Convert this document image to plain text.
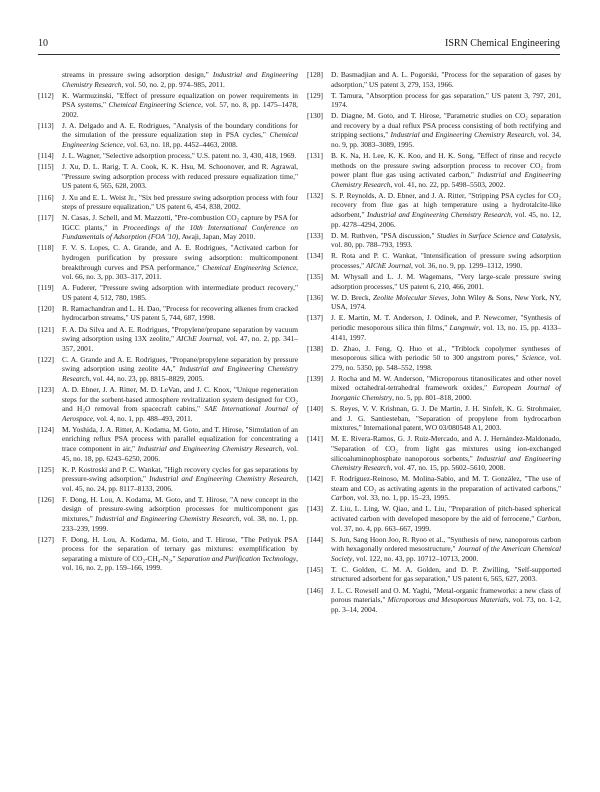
10	ISRN Chemical Engineering
streams in pressure swing adsorption design," Industrial and Engineering Chemistry Research, vol. 50, no. 2, pp. 974–985, 2011.
[112] K. Warmuzinski, "Effect of pressure equalization on power requirements in PSA systems," Chemical Engineering Science, vol. 57, no. 8, pp. 1475–1478, 2002.
[113] J. A. Delgado and A. E. Rodrigues, "Analysis of the boundary conditions for the simulation of the pressure equalization step in PSA cycles," Chemical Engineering Science, vol. 63, no. 18, pp. 4452–4463, 2008.
[114] J. L. Wagner, "Selective adsorption process," U.S. patent no. 3, 430, 418, 1969.
[115] J. Xu, D. L. Rarig, T. A. Cook, K. K. Hsu, M. Schoonover, and R. Agrawal, "Pressure swing adsorption process with reduced pressure equalization time," US patent 6, 565, 628, 2003.
[116] J. Xu and E. L. Weist Jr., "Six bed pressure swing adsorption process with four steps of pressure equalization," US patent 6, 454, 838, 2002.
[117] N. Casas, J. Schell, and M. Mazzotti, "Pre-combustion CO₂ capture by PSA for IGCC plants," in Proceedings of the 10th International Conference on Fundamentals of Adsorption (FOA '10), Awaji, Japan, May 2010.
[118] F. V. S. Lopes, C. A. Grande, and A. E. Rodrigues, "Activated carbon for hydrogen purification by pressure swing adsorption: multicomponent breakthrough curves and PSA performance," Chemical Engineering Science, vol. 66, no. 3, pp. 303–317, 2011.
[119] A. Fuderer, "Pressure swing adsorption with intermediate product recovery," US patent 4, 512, 780, 1985.
[120] R. Ramachandran and L. H. Dao, "Process for recovering alkenes from cracked hydrocarbon streams," US patent 5, 744, 687, 1998.
[121] F. A. Da Silva and A. E. Rodrigues, "Propylene/propane separation by vacuum swing adsorption using 13X zeolite," AIChE Journal, vol. 47, no. 2, pp. 341–357, 2001.
[122] C. A. Grande and A. E. Rodrigues, "Propane/propylene separation by pressure swing adsorption using zeolite 4A," Industrial and Engineering Chemistry Research, vol. 44, no. 23, pp. 8815–8829, 2005.
[123] A. D. Ebner, J. A. Ritter, M. D. LeVan, and J. C. Knox, "Unique regeneration steps for the sorbent-based atmosphere revitalization system designed for CO₂ and H₂O removal from spacecraft cabins," SAE International Journal of Aerospace, vol. 4, no. 1, pp. 488–493, 2011.
[124] M. Yoshida, J. A. Ritter, A. Kodama, M. Goto, and T. Hirose, "Simulation of an enriching reflux PSA process with parallel equalization for concentrating a trace component in air," Industrial and Engineering Chemistry Research, vol. 45, no. 18, pp. 6243–6250, 2006.
[125] K. P. Kostroski and P. C. Wankat, "High recovery cycles for gas separations by pressure-swing adsorption," Industrial and Engineering Chemistry Research, vol. 45, no. 24, pp. 8117–8133, 2006.
[126] F. Dong, H. Lou, A. Kodama, M. Goto, and T. Hirose, "A new concept in the design of pressure-swing adsorption processes for multicomponent gas mixtures," Industrial and Engineering Chemistry Research, vol. 38, no. 1, pp. 233–239, 1999.
[127] F. Dong, H. Lou, A. Kodama, M. Goto, and T. Hirose, "The Petlyuk PSA process for the separation of ternary gas mixtures: exemplification by separating a mixture of CO₂-CH₄-N₂," Separation and Purification Technology, vol. 16, no. 2, pp. 159–166, 1999.
[128] D. Basmadjian and A. L. Pogorski, "Process for the separation of gases by adsorption," US patent 3, 279, 153, 1966.
[129] T. Tamura, "Absorption process for gas separation," US patent 3, 797, 201, 1974.
[130] D. Diagne, M. Goto, and T. Hirose, "Parametric studies on CO₂ separation and recovery by a dual reflux PSA process consisting of both rectifying and stripping sections," Industrial and Engineering Chemistry Research, vol. 34, no. 9, pp. 3083–3089, 1995.
[131] B. K. Na, H. Lee, K. K. Koo, and H. K. Song, "Effect of rinse and recycle methods on the pressure swing adsorption process to recover CO₂ from power plant flue gas using activated carbon," Industrial and Engineering Chemistry Research, vol. 41, no. 22, pp. 5498–5503, 2002.
[132] S. P. Reynolds, A. D. Ebner, and J. A. Ritter, "Stripping PSA cycles for CO₂ recovery from flue gas at high temperature using a hydrotalcite-like adsorbent," Industrial and Engineering Chemistry Research, vol. 45, no. 12, pp. 4278–4294, 2006.
[133] D. M. Ruthven, "PSA discussion," Studies in Surface Science and Catalysis, vol. 80, pp. 788–793, 1993.
[134] R. Rota and P. C. Wankat, "Intensification of pressure swing adsorption processes," AIChE Journal, vol. 36, no. 9, pp. 1299–1312, 1990.
[135] M. Whysall and L. J. M. Wagemans, "Very large-scale pressure swing adsorption processes," US patent 6, 210, 466, 2001.
[136] W. D. Breck, Zeolite Molecular Sieves, John Wiley & Sons, New York, NY, USA, 1974.
[137] J. E. Martin, M. T. Anderson, J. Odinek, and P. Newcomer, "Synthesis of periodic mesoporous silica thin films," Langmuir, vol. 13, no. 15, pp. 4133–4141, 1997.
[138] D. Zhao, J. Feng, Q. Huo et al., "Triblock copolymer syntheses of mesoporous silica with periodic 50 to 300 angstrom pores," Science, vol. 279, no. 5350, pp. 548–552, 1998.
[139] J. Rocha and M. W. Anderson, "Microporous titanosilicates and other novel mixed octahedral-tetrahedral framework oxides," European Journal of Inorganic Chemistry, no. 5, pp. 801–818, 2000.
[140] S. Reyes, V. V. Krishnan, G. J. De Martin, J. H. Sinfelt, K. G. Strohmaier, and J. G. Santiesteban, "Separation of propylene from hydrocarbon mixtures," International patent, WO 03/080548 A1, 2003.
[141] M. E. Rivera-Ramos, G. J. Ruiz-Mercado, and A. J. Hernández-Maldonado, "Separation of CO₂ from light gas mixtures using ion-exchanged silicoaluminophosphate nanoporous sorbents," Industrial and Engineering Chemistry Research, vol. 47, no. 15, pp. 5602–5610, 2008.
[142] F. Rodríguez-Reinoso, M. Molina-Sabio, and M. T. González, "The use of steam and CO₂ as activating agents in the preparation of activated carbons," Carbon, vol. 33, no. 1, pp. 15–23, 1995.
[143] Z. Liu, L. Ling, W. Qiao, and L. Liu, "Preparation of pitch-based spherical activated carbon with developed mesopore by the aid of ferrocene," Carbon, vol. 37, no. 4, pp. 663–667, 1999.
[144] S. Jun, Sang Hoon Joo, R. Ryoo et al., "Synthesis of new, nanoporous carbon with hexagonally ordered mesostructure," Journal of the American Chemical Society, vol. 122, no. 43, pp. 10712–10713, 2000.
[145] T. C. Golden, C. M. A. Golden, and D. P. Zwilling, "Self-supported structured adsorbent for gas separation," US patent 6, 565, 627, 2003.
[146] J. L. C. Rowsell and O. M. Yaghi, "Metal-organic frameworks: a new class of porous materials," Microporous and Mesoporous Materials, vol. 73, no. 1-2, pp. 3–14, 2004.
